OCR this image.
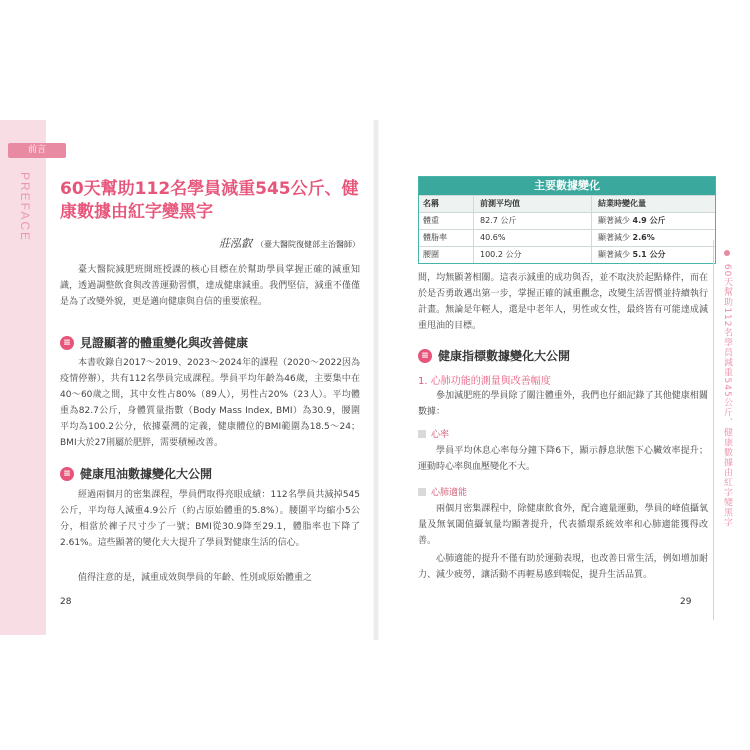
前言
PREFACE 60天幫助112名學員減重545公斤、健康數據由紅字變黑字
莊泓叡 （臺大醫院復健部主治醫師）
臺大醫院減肥班開班授課的核心目標在於幫助學員掌握正確的減重知識，透過調整飲食與改善運動習慣，達成健康減重。我們堅信，減重不僅僅是為了改變外貌，更是邁向健康與自信的重要旅程。
≡ 見證顯著的體重變化與改善健康
本書收錄自2017～2019、2023～2024年的課程（2020～2022因為疫情停辦），共有112名學員完成課程。學員平均年齡為46歲，主要集中在40～60歲之間，其中女性占80%（89人），男性占20%（23人）。平均體重為82.7公斤，身體質量指數（Body Mass Index, BMI）為30.9，腰圍平均為100.2公分，依據臺灣的定義，健康體位的BMI範圍為18.5～24；BMI大於27則屬於肥胖，需要積極改善。
≡ 健康甩油數據變化大公開
經過兩個月的密集課程，學員們取得亮眼成績：112名學員共減掉545公斤，平均每人減重4.9公斤（約占原始體重的5.8%）。腰圍平均縮小5公分，相當於褲子尺寸少了一號；BMI從30.9降至29.1，體脂率也下降了2.61%。這些顯著的變化大大提升了學員對健康生活的信心。
值得注意的是，減重成效與學員的年齡、性別或原始體重之
28
主要數據變化
名稱	前測平均值	結業時變化量
體重	82.7 公斤	顯著減少 4.9 公斤
體脂率	40.6%	顯著減少 2.6%
腰圍	100.2 公分	顯著減少 5.1 公分
間，均無顯著相關。這表示減重的成功與否，並不取決於起點條件，而在於是否勇敢邁出第一步，掌握正確的減重觀念，改變生活習慣並持續執行計畫。無論是年輕人，還是中老年人，男性或女性，最終皆有可能達成減重甩油的目標。
≡ 健康指標數據變化大公開
1. 心肺功能的測量與改善幅度
參加減肥班的學員除了關注體重外，我們也仔細記錄了其他健康相關數據：
心率
學員平均休息心率每分鐘下降6下，顯示靜息狀態下心臟效率提升；運動時心率與血壓變化不大。
心肺適能
兩個月密集課程中，除健康飲食外，配合適量運動，學員的峰值攝氧量及無氧閾值攝氧量均顯著提升，代表循環系統效率和心肺適能獲得改善。
心肺適能的提升不僅有助於運動表現，也改善日常生活，例如增加耐力、減少疲勞，讓活動不再輕易感到喘促，提升生活品質。
29
60天幫助112名學員減重545公斤、健康數據由紅字變黑字
